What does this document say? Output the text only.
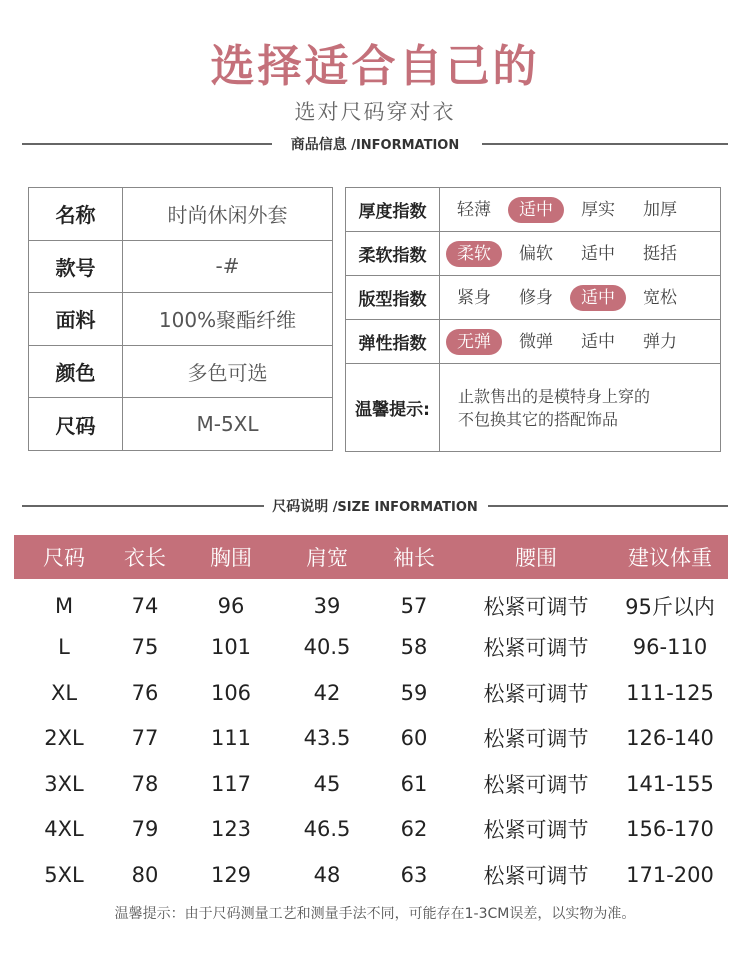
选择适合自己的
选对尺码穿对衣
商品信息 /INFORMATION
名称	时尚休闲外套
款号	-#
面料	100%聚酯纤维
颜色	多色可选
尺码	M-5XL
厚度指数	轻薄 适中 厚实 加厚
柔软指数	柔软 偏软 适中 挺括
版型指数	紧身 修身 适中 宽松
弹性指数	无弹 微弹 适中 弹力
温馨提示:	止款售出的是模特身上穿的
不包换其它的搭配饰品
尺码说明 /SIZE INFORMATION
尺码	衣长	胸围	肩宽	袖长	腰围	建议体重
M	74	96	39	57	松紧可调节	95斤以内
L	75	101	40.5	58	松紧可调节	96-110
XL	76	106	42	59	松紧可调节	111-125
2XL	77	111	43.5	60	松紧可调节	126-140
3XL	78	117	45	61	松紧可调节	141-155
4XL	79	123	46.5	62	松紧可调节	156-170
5XL	80	129	48	63	松紧可调节	171-200
温馨提示：由于尺码测量工艺和测量手法不同，可能存在1-3CM误差，以实物为准。
